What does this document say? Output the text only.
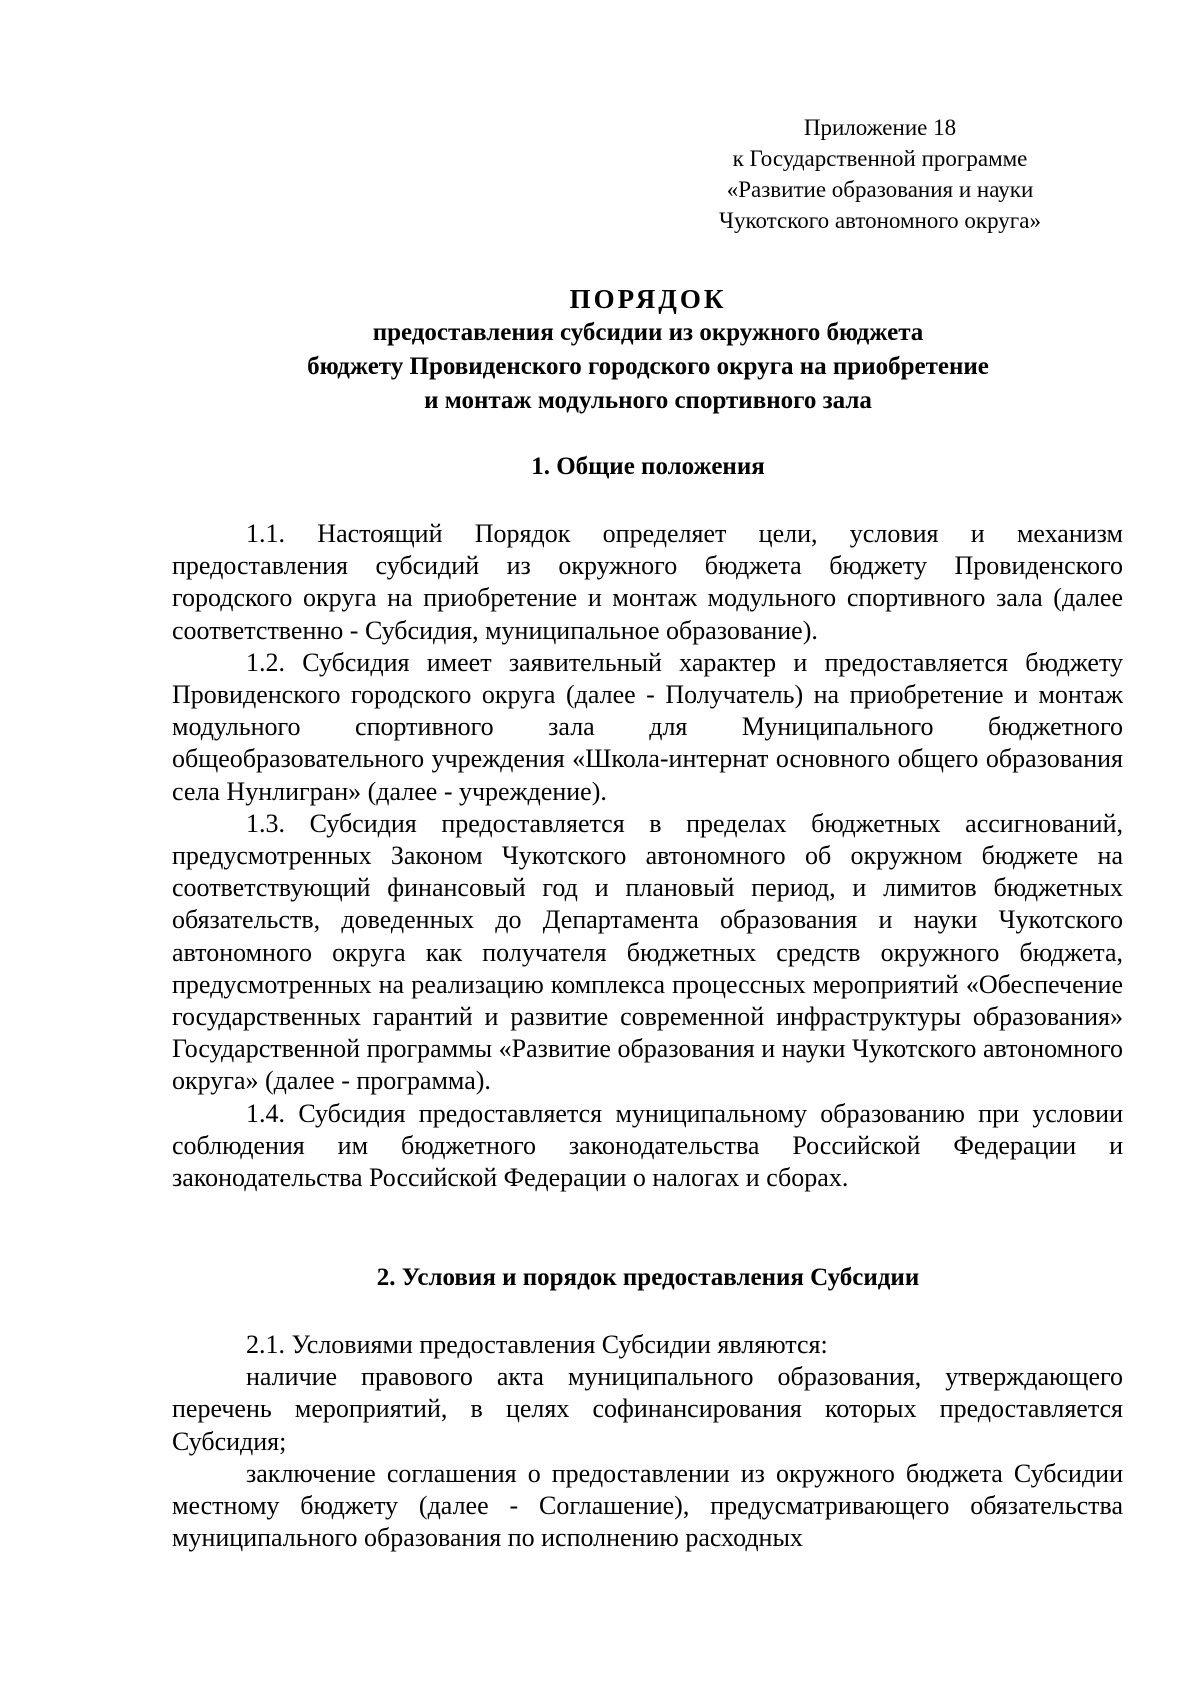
Приложение 18
к Государственной программе
«Развитие образования и науки
Чукотского автономного округа»
ПОРЯДОК
предоставления субсидии из окружного бюджета
бюджету Провиденского городского округа на приобретение
и монтаж модульного спортивного зала
1. Общие положения

1.1. Настоящий Порядок определяет цели, условия и механизм предоставления субсидий из окружного бюджета бюджету Провиденского городского округа на приобретение и монтаж модульного спортивного зала (далее соответственно - Субсидия, муниципальное образование).

1.2. Субсидия имеет заявительный характер и предоставляется бюджету Провиденского городского округа (далее - Получатель) на приобретение и монтаж модульного спортивного зала для Муниципального бюджетного общеобразовательного учреждения «Школа-интернат основного общего образования села Нунлигран» (далее - учреждение).

1.3. Субсидия предоставляется в пределах бюджетных ассигнований, предусмотренных Законом Чукотского автономного об окружном бюджете на соответствующий финансовый год и плановый период, и лимитов бюджетных обязательств, доведенных до Департамента образования и науки Чукотского автономного округа как получателя бюджетных средств окружного бюджета, предусмотренных на реализацию комплекса процессных мероприятий «Обеспечение государственных гарантий и развитие современной инфраструктуры образования» Государственной программы «Развитие образования и науки Чукотского автономного округа» (далее - программа).

1.4. Субсидия предоставляется муниципальному образованию при условии соблюдения им бюджетного законодательства Российской Федерации и законодательства Российской Федерации о налогах и сборах.

2. Условия и порядок предоставления Субсидии

2.1. Условиями предоставления Субсидии являются:

наличие правового акта муниципального образования, утверждающего перечень мероприятий, в целях софинансирования которых предоставляется Субсидия;

заключение соглашения о предоставлении из окружного бюджета Субсидии местному бюджету (далее - Соглашение), предусматривающего обязательства муниципального образования по исполнению расходных
